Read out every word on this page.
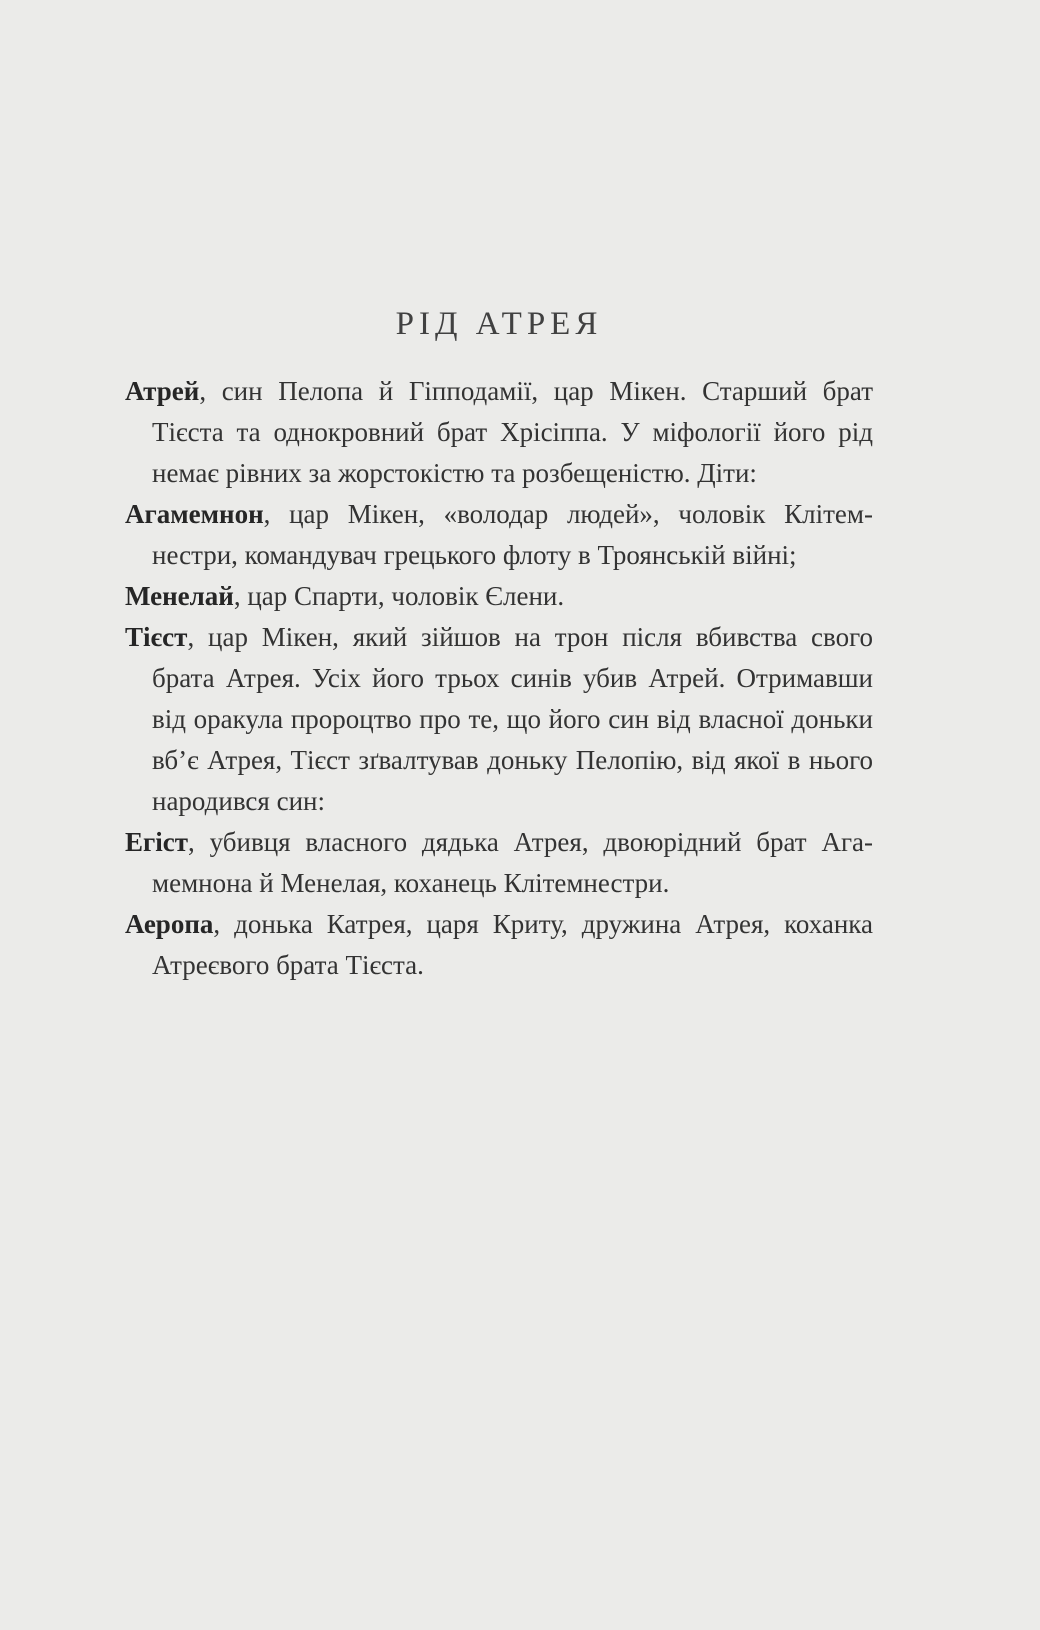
РІД АТРЕЯ

Атрей, син Пелопа й Гіпподамії, цар Мікен. Старший брат Тієста та однокровний брат Хрісіппа. У міфології його рід немає рівних за жорстокістю та розбещеністю. Діти:

Агамемнон, цар Мікен, «володар людей», чоловік Клітемнестри, командувач грецького флоту в Троянській війні;

Менелай, цар Спарти, чоловік Єлени.

Тієст, цар Мікен, який зійшов на трон після вбивства свого брата Атрея. Усіх його трьох синів убив Атрей. Отримавши від оракула пророцтво про те, що його син від власної доньки вб’є Атрея, Тієст зґвалтував доньку Пелопію, від якої в нього народився син:

Егіст, убивця власного дядька Атрея, двоюрідний брат Агамемнона й Менелая, коханець Клітемнестри.

Аеропа, донька Катрея, царя Криту, дружина Атрея, коханка Атреєвого брата Тієста.
